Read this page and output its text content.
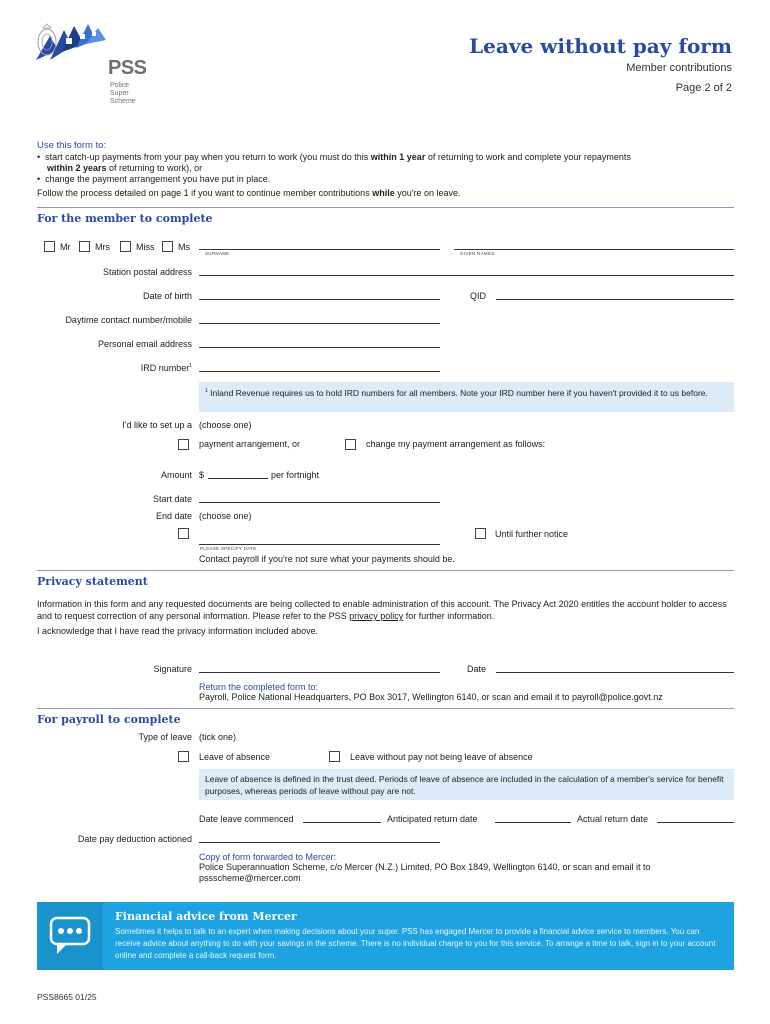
PSS
Police
Super
Scheme
Leave without pay form
Member contributions
Page 2 of 2
Use this form to:
•  start catch-up payments from your pay when you return to work (you must do this within 1 year of returning to work and complete your repayments
within 2 years of returning to work), or
•  change the payment arrangement you have put in place.
Follow the process detailed on page 1 if you want to continue member contributions while you're on leave.
For the member to complete
Mr	Mrs	Miss	Ms
SURNAME	GIVEN NAMES
Station postal address
Date of birth	QID
Daytime contact number/mobile
Personal email address
IRD number$^1$
$^1$ Inland Revenue requires us to hold IRD numbers for all members. Note your IRD number here if you haven't provided it to us before.
I'd like to set up a (choose one)
payment arrangement, or	change my payment arrangement as follows:
Amount $	per fortnight
Start date
End date (choose one)
PLEASE SPECIFY DATE
Until further notice
Contact payroll if you're not sure what your payments should be.
Privacy statement
Information in this form and any requested documents are being collected to enable administration of this account. The Privacy Act 2020 entitles the account holder to access and to request correction of any personal information. Please refer to the PSS privacy policy for further information.
I acknowledge that I have read the privacy information included above.
Signature	Date
Return the completed form to:
Payroll, Police National Headquarters, PO Box 3017, Wellington 6140, or scan and email it to payroll@police.govt.nz
For payroll to complete
Type of leave (tick one)
Leave of absence	Leave without pay not being leave of absence
Leave of absence is defined in the trust deed. Periods of leave of absence are included in the calculation of a member's service for benefit purposes, whereas periods of leave without pay are not.
Date leave commenced	Anticipated return date	Actual return date
Date pay deduction actioned
Copy of form forwarded to Mercer:
Police Superannuation Scheme, c/o Mercer (N.Z.) Limited, PO Box 1849, Wellington 6140, or scan and email it to pssscheme@mercer.com
Financial advice from Mercer
Sometimes it helps to talk to an expert when making decisions about your super. PSS has engaged Mercer to provide a financial advice service to members. You can receive advice about anything to do with your savings in the scheme. There is no individual charge to you for this service. To arrange a time to talk, sign in to your account online and complete a call-back request form.
PSS8665 01/25
